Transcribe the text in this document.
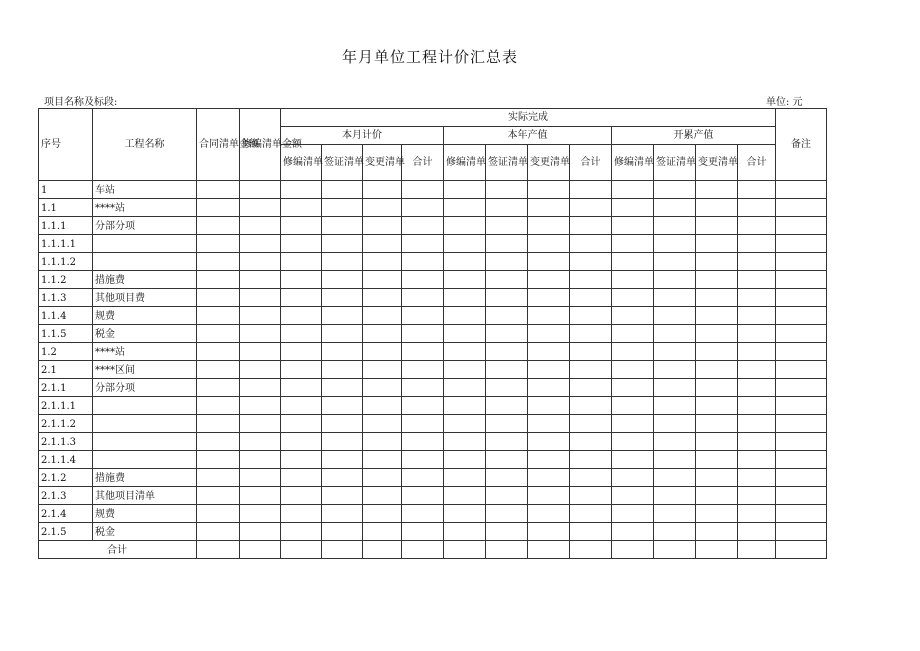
年月单位工程计价汇总表
项目名称及标段:	单位: 元
序号	工程名称	合同清单金额	修编清单金额	实际完成												备注
				本月计价				本年产值				开累产值				
				修编清单	签证清单	变更清单	合计	修编清单	签证清单	变更清单	合计	修编清单	签证清单	变更清单	合计	
1	车站															
1.1	****站															
1.1.1	分部分项															
1.1.1.1																
1.1.1.2																
1.1.2	措施费															
1.1.3	其他项目费															
1.1.4	规费															
1.1.5	税金															
1.2	****站															
2.1	****区间															
2.1.1	分部分项															
2.1.1.1																
2.1.1.2																
2.1.1.3																
2.1.1.4																
2.1.2	措施费															
2.1.3	其他项目清单															
2.1.4	规费															
2.1.5	税金															
合计																
